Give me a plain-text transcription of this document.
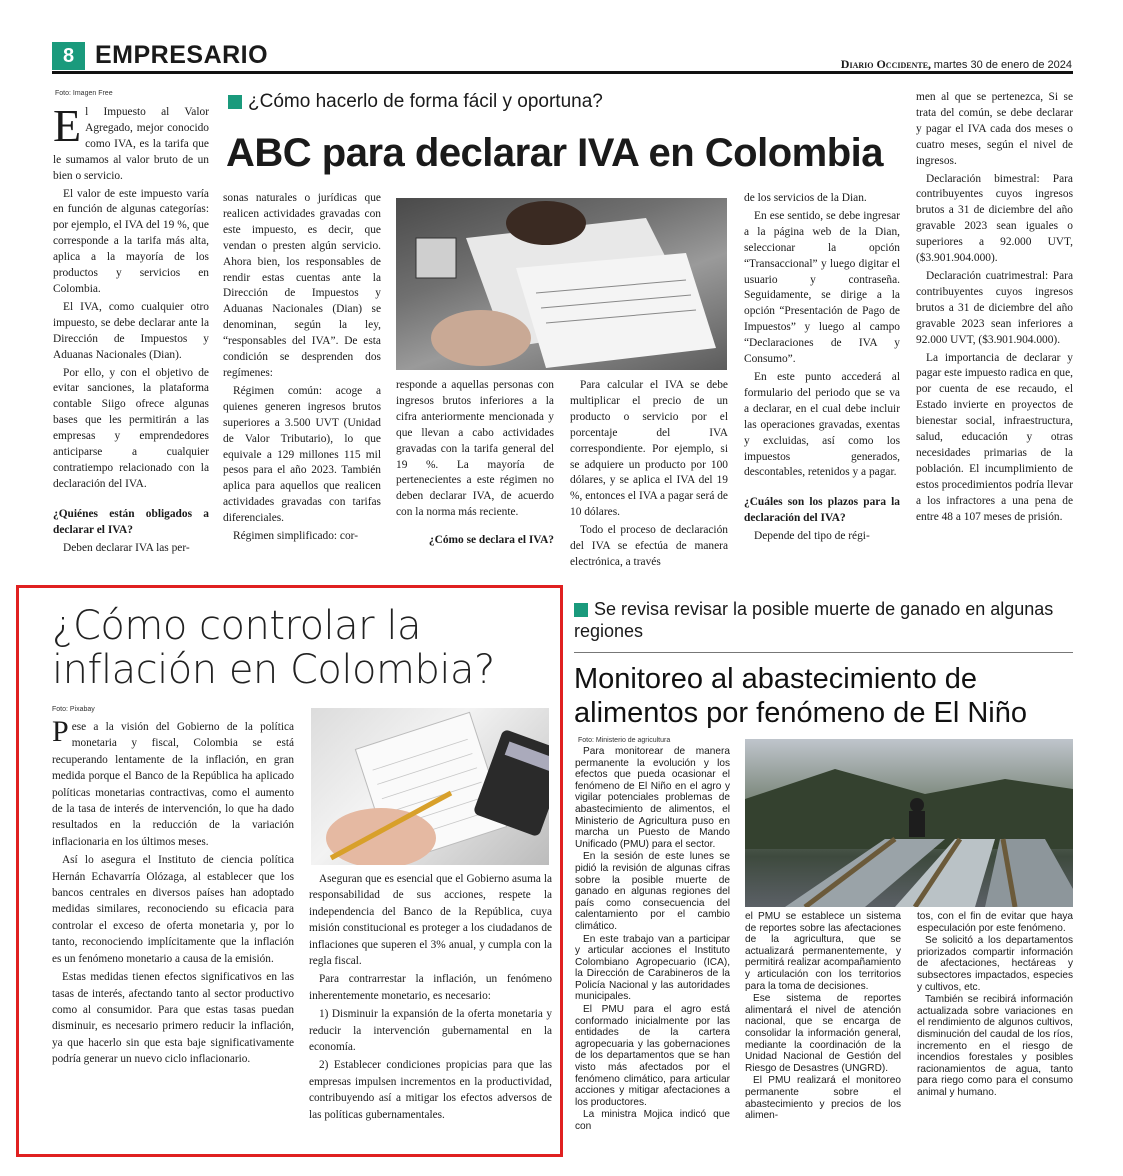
8 EMPRESARIO	Diario Occidente, martes 30 de enero de 2024
Foto: Imagen Free

El Impuesto al Valor Agregado, mejor conocido como IVA, es la tarifa que le sumamos al valor bruto de un bien o servicio.

El valor de este impuesto varía en función de algunas categorías: por ejemplo, el IVA del 19 %, que corresponde a la tarifa más alta, aplica a la mayoría de los productos y servicios en Colombia.

El IVA, como cualquier otro impuesto, se debe declarar ante la Dirección de Impuestos y Aduanas Nacionales (Dian).

Por ello, y con el objetivo de evitar sanciones, la plataforma contable Siigo ofrece algunas bases que les permitirán a las empresas y emprendedores anticiparse a cualquier contratiempo relacionado con la declaración del IVA.

¿Quiénes están obligados a declarar el IVA?

Deben declarar IVA las per-

¿Cómo hacerlo de forma fácil y oportuna?
ABC para declarar IVA en Colombia

sonas naturales o jurídicas que realicen actividades gravadas con este impuesto, es decir, que vendan o presten algún servicio. Ahora bien, los responsables de rendir estas cuentas ante la Dirección de Impuestos y Aduanas Nacionales (Dian) se denominan, según la ley, “responsables del IVA”. De esta condición se desprenden dos regímenes:

Régimen común: acoge a quienes generen ingresos brutos superiores a 3.500 UVT (Unidad de Valor Tributario), lo que equivale a 129 millones 115 mil pesos para el año 2023. También aplica para aquellos que realicen actividades gravadas con tarifas diferenciales.

Régimen simplificado: cor-

responde a aquellas personas con ingresos brutos inferiores a la cifra anteriormente mencionada y que llevan a cabo actividades gravadas con la tarifa general del 19 %. La mayoría de pertenecientes a este régimen no deben declarar IVA, de acuerdo con la norma más reciente.

¿Cómo se declara el IVA?

Para calcular el IVA se debe multiplicar el precio de un producto o servicio por el porcentaje del IVA correspondiente. Por ejemplo, si se adquiere un producto por 100 dólares, y se aplica el IVA del 19 %, entonces el IVA a pagar será de 10 dólares.

Todo el proceso de declaración del IVA se efectúa de manera electrónica, a través

de los servicios de la Dian.

En ese sentido, se debe ingresar a la página web de la Dian, seleccionar la opción “Transaccional” y luego digitar el usuario y contraseña. Seguidamente, se dirige a la opción “Presentación de Pago de Impuestos” y luego al campo “Declaraciones de IVA y Consumo”.

En este punto accederá al formulario del periodo que se va a declarar, en el cual debe incluir las operaciones gravadas, exentas y excluidas, así como los impuestos generados, descontables, retenidos y a pagar.

¿Cuáles son los plazos para la declaración del IVA?

Depende del tipo de régi-

men al que se pertenezca, Si se trata del común, se debe declarar y pagar el IVA cada dos meses o cuatro meses, según el nivel de ingresos.

Declaración bimestral: Para contribuyentes cuyos ingresos brutos a 31 de diciembre del año gravable 2023 sean iguales o superiores a 92.000 UVT, ($3.901.904.000).

Declaración cuatrimestral: Para contribuyentes cuyos ingresos brutos a 31 de diciembre del año gravable 2023 sean inferiores a 92.000 UVT, ($3.901.904.000).

La importancia de declarar y pagar este impuesto radica en que, por cuenta de ese recaudo, el Estado invierte en proyectos de bienestar social, infraestructura, salud, educación y otras necesidades primarias de la población. El incumplimiento de estos procedimientos podría llevar a los infractores a una pena de entre 48 a 107 meses de prisión.

¿Cómo controlar la inflación en Colombia?
Foto: Pixabay

Pese a la visión del Gobierno de la política monetaria y fiscal, Colombia se está recuperando lentamente de la inflación, en gran medida porque el Banco de la República ha aplicado políticas monetarias contractivas, como el aumento de la tasa de interés de intervención, lo que ha dado resultados en la reducción de la variación inflacionaria en los últimos meses.

Así lo asegura el Instituto de ciencia política Hernán Echavarría Olózaga, al establecer que los bancos centrales en diversos países han adoptado medidas similares, reconociendo su eficacia para controlar el exceso de oferta monetaria y, por lo tanto, reconociendo implícitamente que la inflación es un fenómeno monetario a causa de la emisión.

Estas medidas tienen efectos significativos en las tasas de interés, afectando tanto al sector productivo como al consumidor. Para que estas tasas puedan disminuir, es necesario primero reducir la inflación, ya que hacerlo sin que esta baje significativamente podría generar un nuevo ciclo inflacionario.

Aseguran que es esencial que el Gobierno asuma la responsabilidad de sus acciones, respete la independencia del Banco de la República, cuya misión constitucional es proteger a los ciudadanos de inflaciones que superen el 3% anual, y cumpla con la regla fiscal.

Para contrarrestar la inflación, un fenómeno inherentemente monetario, es necesario:

1) Disminuir la expansión de la oferta monetaria y reducir la intervención gubernamental en la economía.

2) Establecer condiciones propicias para que las empresas impulsen incrementos en la productividad, contribuyendo así a mitigar los efectos adversos de las políticas gubernamentales.

Se revisa revisar la posible muerte de ganado en algunas regiones
Monitoreo al abastecimiento de alimentos por fenómeno de El Niño
Foto: Ministerio de agricultura

Para monitorear de manera permanente la evolución y los efectos que pueda ocasionar el fenómeno de El Niño en el agro y vigilar potenciales problemas de abastecimiento de alimentos, el Ministerio de Agricultura puso en marcha un Puesto de Mando Unificado (PMU) para el sector.

En la sesión de este lunes se pidió la revisión de algunas cifras sobre la posible muerte de ganado en algunas regiones del país como consecuencia del calentamiento por el cambio climático.

En este trabajo van a participar y articular acciones el Instituto Colombiano Agropecuario (ICA), la Dirección de Carabineros de la Policía Nacional y las autoridades municipales.

El PMU para el agro está conformado inicialmente por las entidades de la cartera agropecuaria y las gobernaciones de los departamentos que se han visto más afectados por el fenómeno climático, para articular acciones y mitigar afectaciones a los productores.

La ministra Mojica indicó que con

el PMU se establece un sistema de reportes sobre las afectaciones de la agricultura, que se actualizará permanentemente, y permitirá realizar acompañamiento y articulación con los territorios para la toma de decisiones.

Ese sistema de reportes alimentará el nivel de atención nacional, que se encarga de consolidar la información general, mediante la coordinación de la Unidad Nacional de Gestión del Riesgo de Desastres (UNGRD).

El PMU realizará el monitoreo permanente sobre el abastecimiento y precios de los alimen-

tos, con el fin de evitar que haya especulación por este fenómeno.

Se solicitó a los departamentos priorizados compartir información de afectaciones, hectáreas y subsectores impactados, especies y cultivos, etc.

También se recibirá información actualizada sobre variaciones en el rendimiento de algunos cultivos, disminución del caudal de los ríos, incremento en el riesgo de incendios forestales y posibles racionamientos de agua, tanto para riego como para el consumo animal y humano.
